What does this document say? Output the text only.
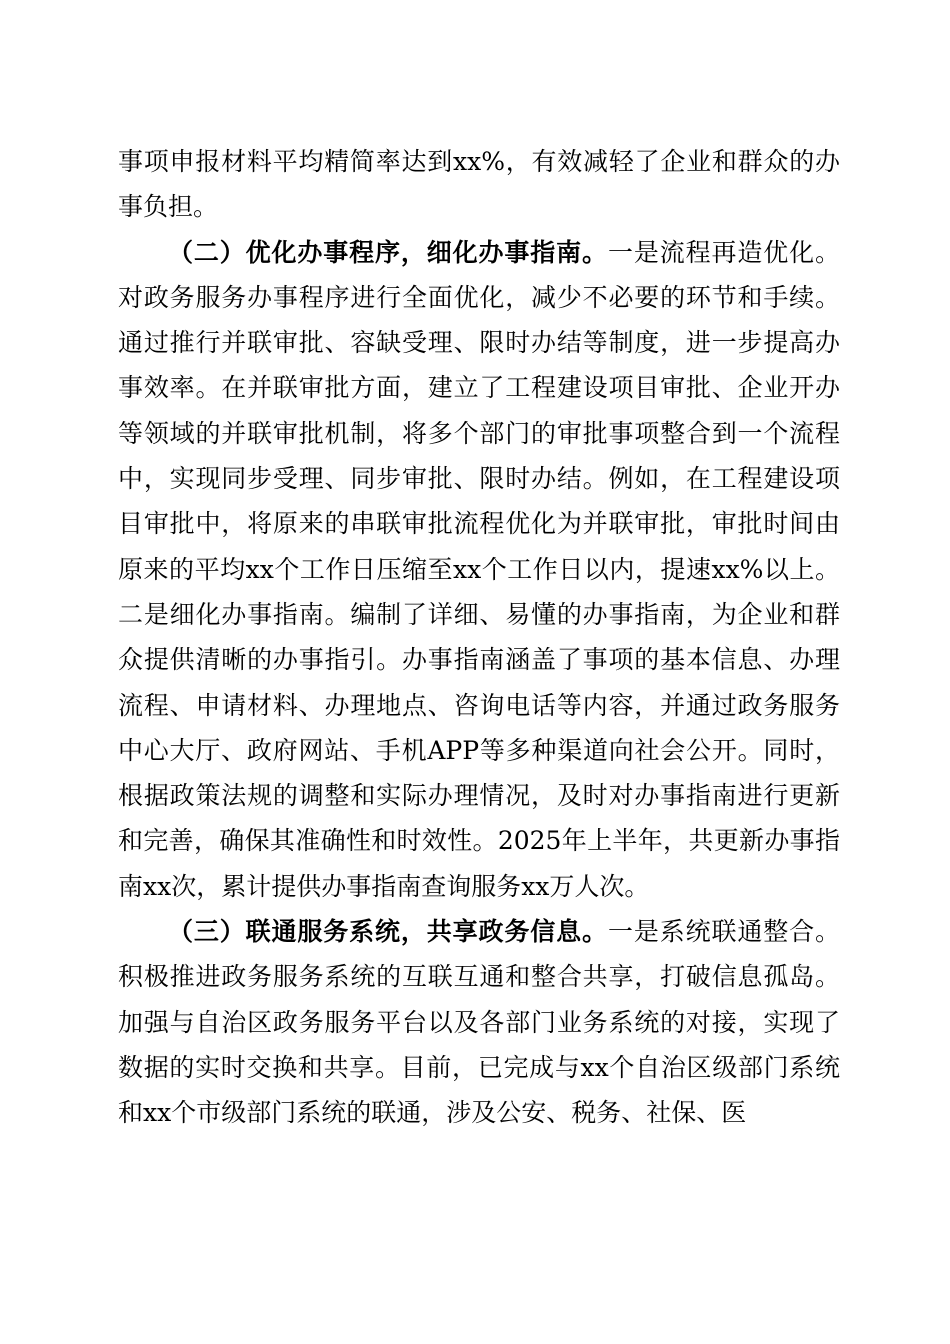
事项申报材料平均精简率达到xx%，有效减轻了企业和群众的办事负担。

（二）优化办事程序，细化办事指南。一是流程再造优化。对政务服务办事程序进行全面优化，减少不必要的环节和手续。通过推行并联审批、容缺受理、限时办结等制度，进一步提高办事效率。在并联审批方面，建立了工程建设项目审批、企业开办等领域的并联审批机制，将多个部门的审批事项整合到一个流程中，实现同步受理、同步审批、限时办结。例如，在工程建设项目审批中，将原来的串联审批流程优化为并联审批，审批时间由原来的平均xx个工作日压缩至xx个工作日以内，提速xx%以上。二是细化办事指南。编制了详细、易懂的办事指南，为企业和群众提供清晰的办事指引。办事指南涵盖了事项的基本信息、办理流程、申请材料、办理地点、咨询电话等内容，并通过政务服务中心大厅、政府网站、手机APP等多种渠道向社会公开。同时，根据政策法规的调整和实际办理情况，及时对办事指南进行更新和完善，确保其准确性和时效性。2025年上半年，共更新办事指南xx次，累计提供办事指南查询服务xx万人次。

（三）联通服务系统，共享政务信息。一是系统联通整合。积极推进政务服务系统的互联互通和整合共享，打破信息孤岛。加强与自治区政务服务平台以及各部门业务系统的对接，实现了数据的实时交换和共享。目前，已完成与xx个自治区级部门系统和xx个市级部门系统的联通，涉及公安、税务、社保、医
